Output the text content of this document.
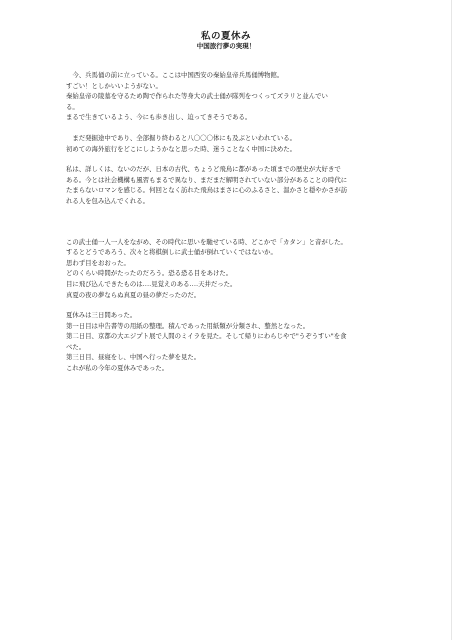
私の夏休み
中国旅行夢の実現！
　今、兵馬俑の前に立っている。ここは中国西安の秦始皇帝兵馬俑博物館。
すごい！としかいいようがない。
秦始皇帝の陵墓を守るため陶で作られた等身大の武士俑が隊列をつくってズラリと並んでい
る。
まるで生きているよう、今にも歩き出し、迫ってきそうである。
　まだ発掘途中であり、全部掘り終わると八〇〇〇体にも及ぶといわれている。
初めての海外旅行をどこにしようかなと思った時、迷うことなく中国に決めた。
私は、詳しくは、ないのだが、日本の古代、ちょうど飛鳥に都があった頃までの歴史が大好きで
ある。今とは社会機構も風習もまるで異なり、まだまだ解明されていない部分があることの時代に
たまらないロマンを感じる。何回となく訪れた飛鳥はまさに心のふるさと、温かさと穏やかさが訪
れる人を包み込んでくれる。
この武士俑一人一人をながめ、その時代に思いを馳せている時、どこかで「カタン」と音がした。
するとどうであろう、次々と将棋倒しに武士俑が倒れていくではないか。
思わず目をおおった。
どのくらい時間がたったのだろう。恐る恐る目をあけた。
目に飛び込んできたものは‥‥見覚えのある‥‥天井だった。
真夏の夜の夢ならぬ真夏の昼の夢だったのだ。
夏休みは三日間あった。
第一日目は申告書等の用紙の整理。積んであった用紙類が分類され、整然となった。
第二日目、京都の大エジプト展で人間のミイラを見た。そして帰りにわらじやで"うぞうすい"を食
べた。
第三日目、昼寝をし、中国へ行った夢を見た。
これが私の今年の夏休みであった。
